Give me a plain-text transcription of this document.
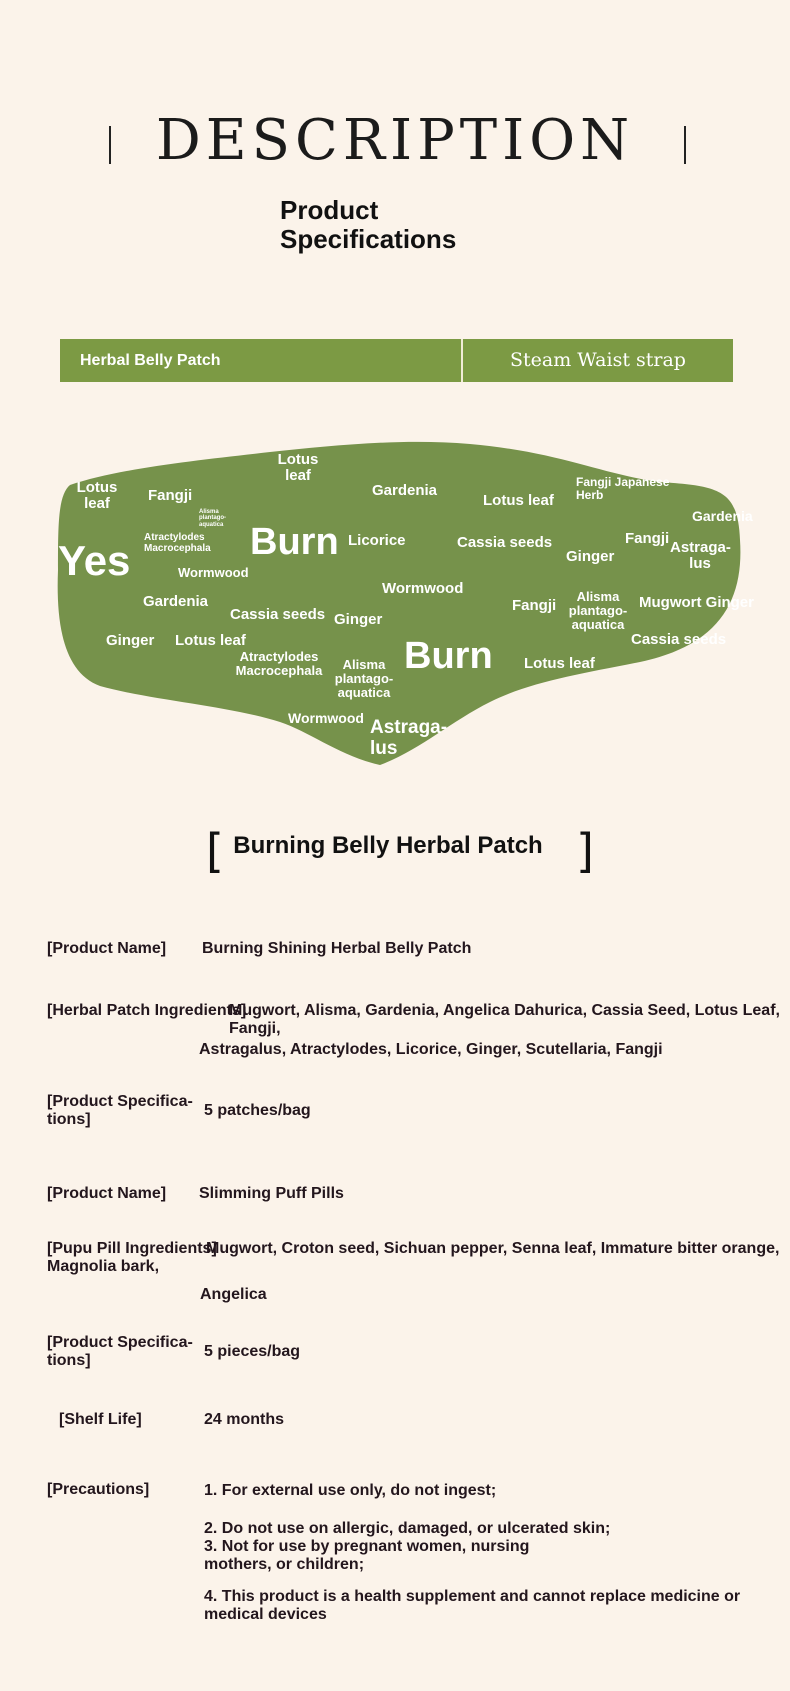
DESCRIPTION
Product Specifications
Herbal Belly Patch	Steam Waist strap
Lotus leaf
Lotus leaf
Fangji	Gardenia
Lotus leaf
Fangji Japanese Herb
Gardenia
Alisma plantago-aquatica
Atractylodes Macrocephala Burn Licorice	Cassia seeds	Fangji
Astraga-lus
Ginger
Yes	Wormwood
Wormwood
Gardenia	Fangji
Alisma plantago-aquatica
Mugwort Ginger
Cassia seeds Ginger
Cassia seeds
Ginger Lotus leaf
Atractylodes Macrocephala	Alisma plantago-aquatica
Burn Lotus leaf
Wormwood Astraga-lus
[ Burning Belly Herbal Patch ]
[Product Name] Burning Shining Herbal Belly Patch
[Herbal Patch Ingredients]
Mugwort, Alisma, Gardenia, Angelica Dahurica, Cassia Seed, Lotus Leaf, Fangji,
Astragalus, Atractylodes, Licorice, Ginger, Scutellaria, Fangji
[Product Specifica-tions]
5 patches/bag
[Product Name] Slimming Puff Pills
[Pupu Pill Ingredients]
Mugwort, Croton seed, Sichuan pepper, Senna leaf, Immature bitter orange,
Magnolia bark,
Angelica
[Product Specifica-tions]
5 pieces/bag
[Shelf Life]	24 months
[Precautions]	1. For external use only, do not ingest;
2. Do not use on allergic, damaged, or ulcerated skin;
3. Not for use by pregnant women, nursing mothers, or children;
4. This product is a health supplement and cannot replace medicine or medical devices
